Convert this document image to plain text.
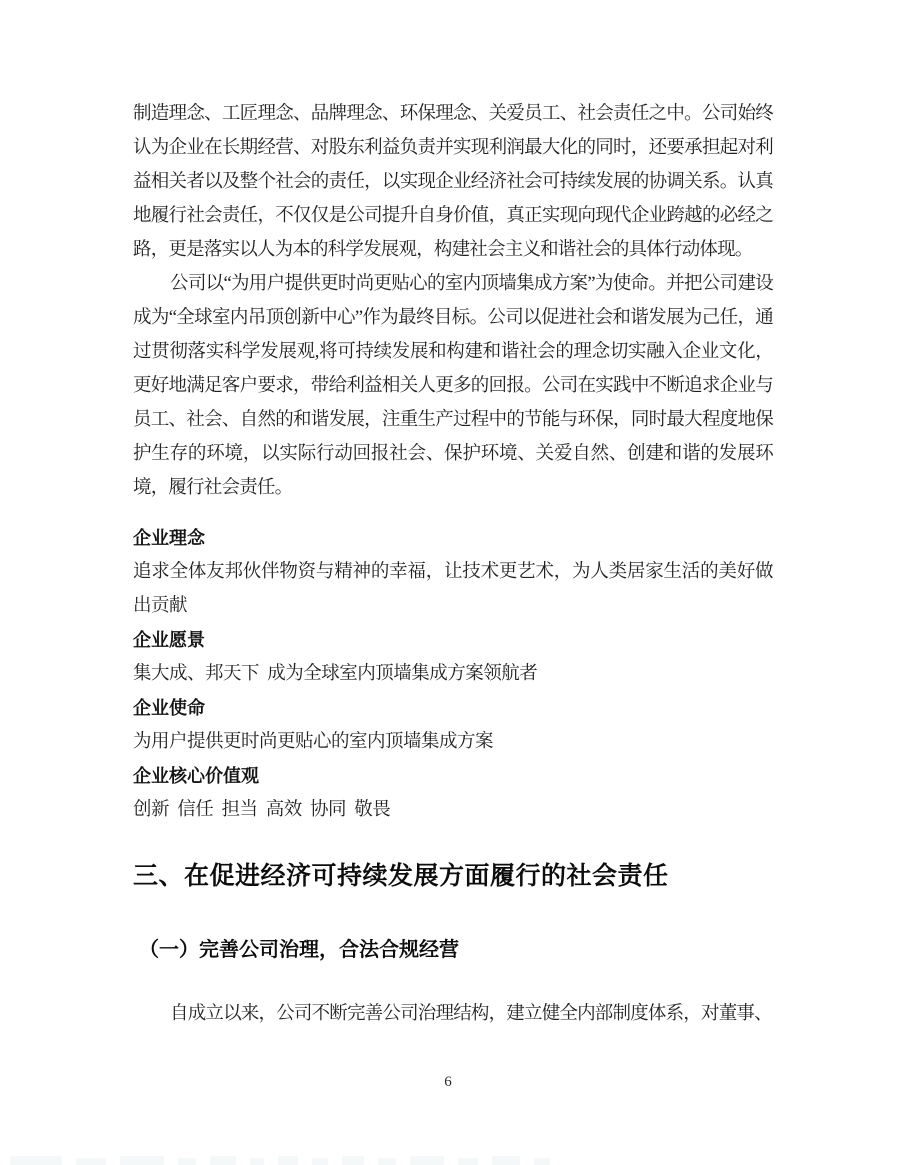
制造理念、工匠理念、品牌理念、环保理念、关爱员工、社会责任之中。公司始终认为企业在长期经营、对股东利益负责并实现利润最大化的同时，还要承担起对利益相关者以及整个社会的责任，以实现企业经济社会可持续发展的协调关系。认真地履行社会责任，不仅仅是公司提升自身价值，真正实现向现代企业跨越的必经之路，更是落实以人为本的科学发展观，构建社会主义和谐社会的具体行动体现。

公司以“为用户提供更时尚更贴心的室内顶墙集成方案”为使命。并把公司建设成为“全球室内吊顶创新中心”作为最终目标。公司以促进社会和谐发展为己任，通过贯彻落实科学发展观,将可持续发展和构建和谐社会的理念切实融入企业文化，更好地满足客户要求，带给利益相关人更多的回报。公司在实践中不断追求企业与员工、社会、自然的和谐发展，注重生产过程中的节能与环保，同时最大程度地保护生存的环境，以实际行动回报社会、保护环境、关爱自然、创建和谐的发展环境，履行社会责任。

企业理念

追求全体友邦伙伴物资与精神的幸福，让技术更艺术，为人类居家生活的美好做出贡献

企业愿景

集大成、邦天下  成为全球室内顶墙集成方案领航者

企业使命

为用户提供更时尚更贴心的室内顶墙集成方案

企业核心价值观

创新  信任  担当  高效  协同  敬畏

三、在促进经济可持续发展方面履行的社会责任
（一）完善公司治理，合法合规经营

自成立以来，公司不断完善公司治理结构，建立健全内部制度体系，对董事、

6
